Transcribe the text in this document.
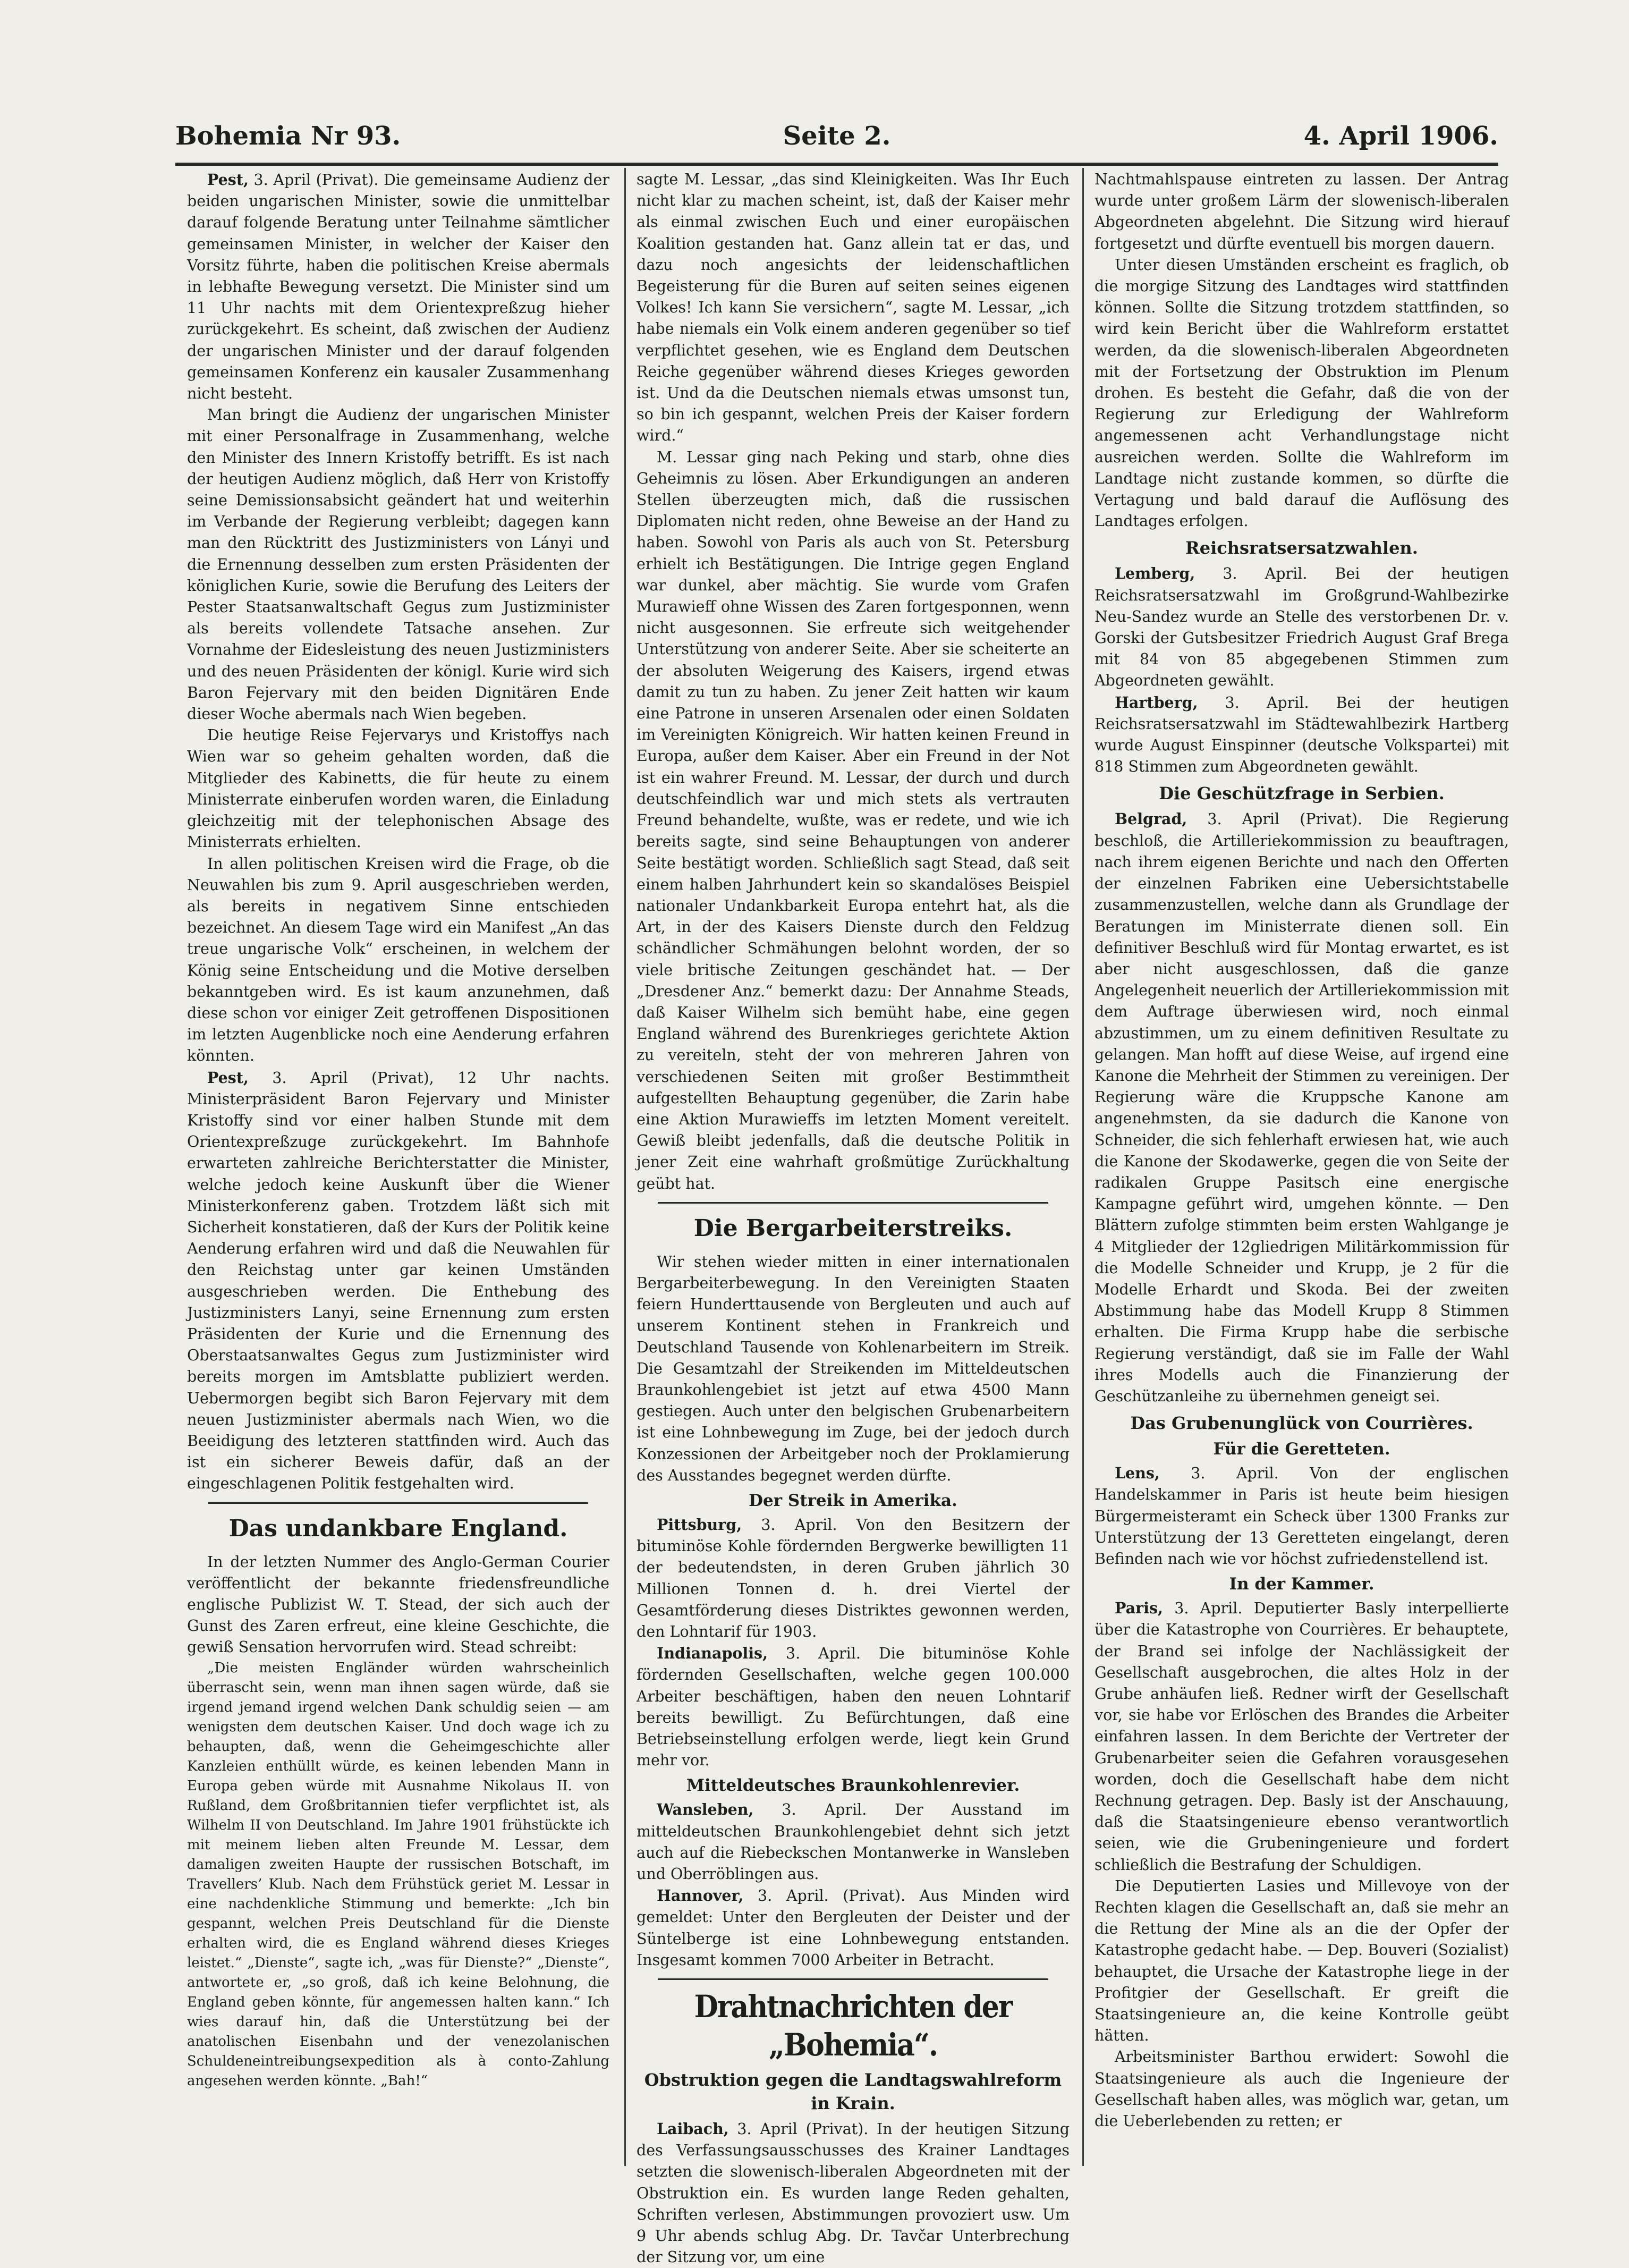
Bohemia Nr 93.	Seite 2.	4. April 1906.

Pest, 3. April (Privat). Die gemeinsame Audienz der beiden ungarischen Minister, sowie die unmittelbar darauf folgende Beratung unter Teilnahme sämtlicher gemeinsamen Minister, in welcher der Kaiser den Vorsitz führte, haben die politischen Kreise abermals in lebhafte Bewegung versetzt. Die Minister sind um 11 Uhr nachts mit dem Orientexpreßzug hieher zurückgekehrt. Es scheint, daß zwischen der Audienz der ungarischen Minister und der darauf folgenden gemeinsamen Konferenz ein kausaler Zusammenhang nicht besteht.

Man bringt die Audienz der ungarischen Minister mit einer Personalfrage in Zusammenhang, welche den Minister des Innern Kristoffy betrifft. Es ist nach der heutigen Audienz möglich, daß Herr von Kristoffy seine Demissionsabsicht geändert hat und weiterhin im Verbande der Regierung verbleibt; dagegen kann man den Rücktritt des Justizministers von Lányi und die Ernennung desselben zum ersten Präsidenten der königlichen Kurie, sowie die Berufung des Leiters der Pester Staatsanwaltschaft Gegus zum Justizminister als bereits vollendete Tatsache ansehen. Zur Vornahme der Eidesleistung des neuen Justizministers und des neuen Präsidenten der königl. Kurie wird sich Baron Fejervary mit den beiden Dignitären Ende dieser Woche abermals nach Wien begeben.

Die heutige Reise Fejervarys und Kristoffys nach Wien war so geheim gehalten worden, daß die Mitglieder des Kabinetts, die für heute zu einem Ministerrate einberufen worden waren, die Einladung gleichzeitig mit der telephonischen Absage des Ministerrats erhielten.

In allen politischen Kreisen wird die Frage, ob die Neuwahlen bis zum 9. April ausgeschrieben werden, als bereits in negativem Sinne entschieden bezeichnet. An diesem Tage wird ein Manifest „An das treue ungarische Volk“ erscheinen, in welchem der König seine Entscheidung und die Motive derselben bekanntgeben wird. Es ist kaum anzunehmen, daß diese schon vor einiger Zeit getroffenen Dispositionen im letzten Augenblicke noch eine Aenderung erfahren könnten.

Pest, 3. April (Privat), 12 Uhr nachts. Ministerpräsident Baron Fejervary und Minister Kristoffy sind vor einer halben Stunde mit dem Orientexpreßzuge zurückgekehrt. Im Bahnhofe erwarteten zahlreiche Berichterstatter die Minister, welche jedoch keine Auskunft über die Wiener Ministerkonferenz gaben. Trotzdem läßt sich mit Sicherheit konstatieren, daß der Kurs der Politik keine Aenderung erfahren wird und daß die Neuwahlen für den Reichstag unter gar keinen Umständen ausgeschrieben werden. Die Enthebung des Justizministers Lanyi, seine Ernennung zum ersten Präsidenten der Kurie und die Ernennung des Oberstaatsanwaltes Gegus zum Justizminister wird bereits morgen im Amtsblatte publiziert werden. Uebermorgen begibt sich Baron Fejervary mit dem neuen Justizminister abermals nach Wien, wo die Beeidigung des letzteren stattfinden wird. Auch das ist ein sicherer Beweis dafür, daß an der eingeschlagenen Politik festgehalten wird.

Das undankbare England.

In der letzten Nummer des Anglo-German Courier veröffentlicht der bekannte friedensfreundliche englische Publizist W. T. Stead, der sich auch der Gunst des Zaren erfreut, eine kleine Geschichte, die gewiß Sensation hervorrufen wird. Stead schreibt:

„Die meisten Engländer würden wahrscheinlich überrascht sein, wenn man ihnen sagen würde, daß sie irgend jemand irgend welchen Dank schuldig seien — am wenigsten dem deutschen Kaiser. Und doch wage ich zu behaupten, daß, wenn die Geheimgeschichte aller Kanzleien enthüllt würde, es keinen lebenden Mann in Europa geben würde mit Ausnahme Nikolaus II. von Rußland, dem Großbritannien tiefer verpflichtet ist, als Wilhelm II von Deutschland. Im Jahre 1901 frühstückte ich mit meinem lieben alten Freunde M. Lessar, dem damaligen zweiten Haupte der russischen Botschaft, im Travellers’ Klub. Nach dem Frühstück geriet M. Lessar in eine nachdenkliche Stimmung und bemerkte: „Ich bin gespannt, welchen Preis Deutschland für die Dienste erhalten wird, die es England während dieses Krieges leistet.“ „Dienste“, sagte ich, „was für Dienste?“ „Dienste“, antwortete er, „so groß, daß ich keine Belohnung, die England geben könnte, für angemessen halten kann.“ Ich wies darauf hin, daß die Unterstützung bei der anatolischen Eisenbahn und der venezolanischen Schuldeneintreibungsexpedition als à conto-Zahlung angesehen werden könnte. „Bah!“

sagte M. Lessar, „das sind Kleinigkeiten. Was Ihr Euch nicht klar zu machen scheint, ist, daß der Kaiser mehr als einmal zwischen Euch und einer europäischen Koalition gestanden hat. Ganz allein tat er das, und dazu noch angesichts der leidenschaftlichen Begeisterung für die Buren auf seiten seines eigenen Volkes! Ich kann Sie versichern“, sagte M. Lessar, „ich habe niemals ein Volk einem anderen gegenüber so tief verpflichtet gesehen, wie es England dem Deutschen Reiche gegenüber während dieses Krieges geworden ist. Und da die Deutschen niemals etwas umsonst tun, so bin ich gespannt, welchen Preis der Kaiser fordern wird.“

M. Lessar ging nach Peking und starb, ohne dies Geheimnis zu lösen. Aber Erkundigungen an anderen Stellen überzeugten mich, daß die russischen Diplomaten nicht reden, ohne Beweise an der Hand zu haben. Sowohl von Paris als auch von St. Petersburg erhielt ich Bestätigungen. Die Intrige gegen England war dunkel, aber mächtig. Sie wurde vom Grafen Murawieff ohne Wissen des Zaren fortgesponnen, wenn nicht ausgesonnen. Sie erfreute sich weitgehender Unterstützung von anderer Seite. Aber sie scheiterte an der absoluten Weigerung des Kaisers, irgend etwas damit zu tun zu haben. Zu jener Zeit hatten wir kaum eine Patrone in unseren Arsenalen oder einen Soldaten im Vereinigten Königreich. Wir hatten keinen Freund in Europa, außer dem Kaiser. Aber ein Freund in der Not ist ein wahrer Freund. M. Lessar, der durch und durch deutschfeindlich war und mich stets als vertrauten Freund behandelte, wußte, was er redete, und wie ich bereits sagte, sind seine Behauptungen von anderer Seite bestätigt worden. Schließlich sagt Stead, daß seit einem halben Jahrhundert kein so skandalöses Beispiel nationaler Undankbarkeit Europa entehrt hat, als die Art, in der des Kaisers Dienste durch den Feldzug schändlicher Schmähungen belohnt worden, der so viele britische Zeitungen geschändet hat. — Der „Dresdener Anz.“ bemerkt dazu: Der Annahme Steads, daß Kaiser Wilhelm sich bemüht habe, eine gegen England während des Burenkrieges gerichtete Aktion zu vereiteln, steht der von mehreren Jahren von verschiedenen Seiten mit großer Bestimmtheit aufgestellten Behauptung gegenüber, die Zarin habe eine Aktion Murawieffs im letzten Moment vereitelt. Gewiß bleibt jedenfalls, daß die deutsche Politik in jener Zeit eine wahrhaft großmütige Zurückhaltung geübt hat.

Die Bergarbeiterstreiks.

Wir stehen wieder mitten in einer internationalen Bergarbeiterbewegung. In den Vereinigten Staaten feiern Hunderttausende von Bergleuten und auch auf unserem Kontinent stehen in Frankreich und Deutschland Tausende von Kohlenarbeitern im Streik. Die Gesamtzahl der Streikenden im Mitteldeutschen Braunkohlengebiet ist jetzt auf etwa 4500 Mann gestiegen. Auch unter den belgischen Grubenarbeitern ist eine Lohnbewegung im Zuge, bei der jedoch durch Konzessionen der Arbeitgeber noch der Proklamierung des Ausstandes begegnet werden dürfte.

Der Streik in Amerika.

Pittsburg, 3. April. Von den Besitzern der bituminöse Kohle fördernden Bergwerke bewilligten 11 der bedeutendsten, in deren Gruben jährlich 30 Millionen Tonnen d. h. drei Viertel der Gesamtförderung dieses Distriktes gewonnen werden, den Lohntarif für 1903.

Indianapolis, 3. April. Die bituminöse Kohle fördernden Gesellschaften, welche gegen 100.000 Arbeiter beschäftigen, haben den neuen Lohntarif bereits bewilligt. Zu Befürchtungen, daß eine Betriebseinstellung erfolgen werde, liegt kein Grund mehr vor.

Mitteldeutsches Braunkohlenrevier.

Wansleben, 3. April. Der Ausstand im mitteldeutschen Braunkohlengebiet dehnt sich jetzt auch auf die Riebeckschen Montanwerke in Wansleben und Oberröblingen aus.

Hannover, 3. April. (Privat). Aus Minden wird gemeldet: Unter den Bergleuten der Deister und der Süntelberge ist eine Lohnbewegung entstanden. Insgesamt kommen 7000 Arbeiter in Betracht.

Drahtnachrichten der „Bohemia“.
Obstruktion gegen die Landtagswahlreform in Krain.

Laibach, 3. April (Privat). In der heutigen Sitzung des Verfassungsausschusses des Krainer Landtages setzten die slowenisch-liberalen Abgeordneten mit der Obstruktion ein. Es wurden lange Reden gehalten, Schriften verlesen, Abstimmungen provoziert usw. Um 9 Uhr abends schlug Abg. Dr. Tavčar Unterbrechung der Sitzung vor, um eine

Nachtmahlspause eintreten zu lassen. Der Antrag wurde unter großem Lärm der slowenisch-liberalen Abgeordneten abgelehnt. Die Sitzung wird hierauf fortgesetzt und dürfte eventuell bis morgen dauern.

Unter diesen Umständen erscheint es fraglich, ob die morgige Sitzung des Landtages wird stattfinden können. Sollte die Sitzung trotzdem stattfinden, so wird kein Bericht über die Wahlreform erstattet werden, da die slowenisch-liberalen Abgeordneten mit der Fortsetzung der Obstruktion im Plenum drohen. Es besteht die Gefahr, daß die von der Regierung zur Erledigung der Wahlreform angemessenen acht Verhandlungstage nicht ausreichen werden. Sollte die Wahlreform im Landtage nicht zustande kommen, so dürfte die Vertagung und bald darauf die Auflösung des Landtages erfolgen.

Reichsratsersatzwahlen.

Lemberg, 3. April. Bei der heutigen Reichsratsersatzwahl im Großgrund-Wahlbezirke Neu-Sandez wurde an Stelle des verstorbenen Dr. v. Gorski der Gutsbesitzer Friedrich August Graf Brega mit 84 von 85 abgegebenen Stimmen zum Abgeordneten gewählt.

Hartberg, 3. April. Bei der heutigen Reichsratsersatzwahl im Städtewahlbezirk Hartberg wurde August Einspinner (deutsche Volkspartei) mit 818 Stimmen zum Abgeordneten gewählt.

Die Geschützfrage in Serbien.

Belgrad, 3. April (Privat). Die Regierung beschloß, die Artilleriekommission zu beauftragen, nach ihrem eigenen Berichte und nach den Offerten der einzelnen Fabriken eine Uebersichtstabelle zusammenzustellen, welche dann als Grundlage der Beratungen im Ministerrate dienen soll. Ein definitiver Beschluß wird für Montag erwartet, es ist aber nicht ausgeschlossen, daß die ganze Angelegenheit neuerlich der Artilleriekommission mit dem Auftrage überwiesen wird, noch einmal abzustimmen, um zu einem definitiven Resultate zu gelangen. Man hofft auf diese Weise, auf irgend eine Kanone die Mehrheit der Stimmen zu vereinigen. Der Regierung wäre die Kruppsche Kanone am angenehmsten, da sie dadurch die Kanone von Schneider, die sich fehlerhaft erwiesen hat, wie auch die Kanone der Skodawerke, gegen die von Seite der radikalen Gruppe Pasitsch eine energische Kampagne geführt wird, umgehen könnte. — Den Blättern zufolge stimmten beim ersten Wahlgange je 4 Mitglieder der 12gliedrigen Militärkommission für die Modelle Schneider und Krupp, je 2 für die Modelle Erhardt und Skoda. Bei der zweiten Abstimmung habe das Modell Krupp 8 Stimmen erhalten. Die Firma Krupp habe die serbische Regierung verständigt, daß sie im Falle der Wahl ihres Modells auch die Finanzierung der Geschützanleihe zu übernehmen geneigt sei.

Das Grubenunglück von Courrières.
Für die Geretteten.

Lens, 3. April. Von der englischen Handelskammer in Paris ist heute beim hiesigen Bürgermeisteramt ein Scheck über 1300 Franks zur Unterstützung der 13 Geretteten eingelangt, deren Befinden nach wie vor höchst zufriedenstellend ist.

In der Kammer.

Paris, 3. April. Deputierter Basly interpellierte über die Katastrophe von Courrières. Er behauptete, der Brand sei infolge der Nachlässigkeit der Gesellschaft ausgebrochen, die altes Holz in der Grube anhäufen ließ. Redner wirft der Gesellschaft vor, sie habe vor Erlöschen des Brandes die Arbeiter einfahren lassen. In dem Berichte der Vertreter der Grubenarbeiter seien die Gefahren vorausgesehen worden, doch die Gesellschaft habe dem nicht Rechnung getragen. Dep. Basly ist der Anschauung, daß die Staatsingenieure ebenso verantwortlich seien, wie die Grubeningenieure und fordert schließlich die Bestrafung der Schuldigen.

Die Deputierten Lasies und Millevoye von der Rechten klagen die Gesellschaft an, daß sie mehr an die Rettung der Mine als an die der Opfer der Katastrophe gedacht habe. — Dep. Bouveri (Sozialist) behauptet, die Ursache der Katastrophe liege in der Profitgier der Gesellschaft. Er greift die Staatsingenieure an, die keine Kontrolle geübt hätten.

Arbeitsminister Barthou erwidert: Sowohl die Staatsingenieure als auch die Ingenieure der Gesellschaft haben alles, was möglich war, getan, um die Ueberlebenden zu retten; er
